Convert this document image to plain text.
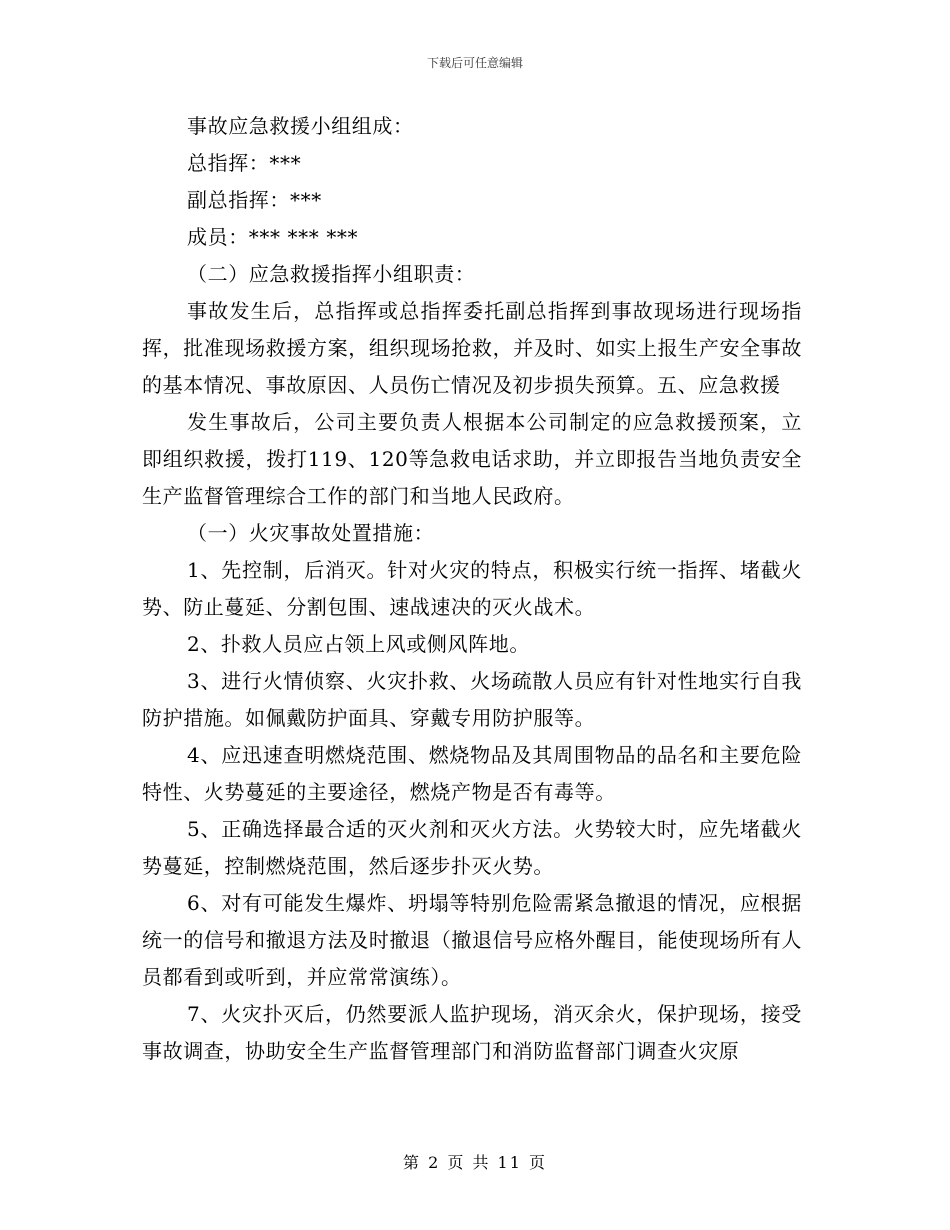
下载后可任意编辑

事故应急救援小组组成：

总指挥：***

副总指挥：***

成员：*** *** ***

（二）应急救援指挥小组职责：

事故发生后，总指挥或总指挥委托副总指挥到事故现场进行现场指挥，批准现场救援方案，组织现场抢救，并及时、如实上报生产安全事故的基本情况、事故原因、人员伤亡情况及初步损失预算。五、应急救援

发生事故后，公司主要负责人根据本公司制定的应急救援预案，立即组织救援，拨打119、120等急救电话求助，并立即报告当地负责安全生产监督管理综合工作的部门和当地人民政府。

（一）火灾事故处置措施：

1、先控制，后消灭。针对火灾的特点，积极实行统一指挥、堵截火势、防止蔓延、分割包围、速战速决的灭火战术。

2、扑救人员应占领上风或侧风阵地。

3、进行火情侦察、火灾扑救、火场疏散人员应有针对性地实行自我防护措施。如佩戴防护面具、穿戴专用防护服等。

4、应迅速查明燃烧范围、燃烧物品及其周围物品的品名和主要危险特性、火势蔓延的主要途径，燃烧产物是否有毒等。

5、正确选择最合适的灭火剂和灭火方法。火势较大时，应先堵截火势蔓延，控制燃烧范围，然后逐步扑灭火势。

6、对有可能发生爆炸、坍塌等特别危险需紧急撤退的情况，应根据统一的信号和撤退方法及时撤退（撤退信号应格外醒目，能使现场所有人员都看到或听到，并应常常演练）。

7、火灾扑灭后，仍然要派人监护现场，消灭余火，保护现场，接受事故调查，协助安全生产监督管理部门和消防监督部门调查火灾原

第 2 页 共 11 页
